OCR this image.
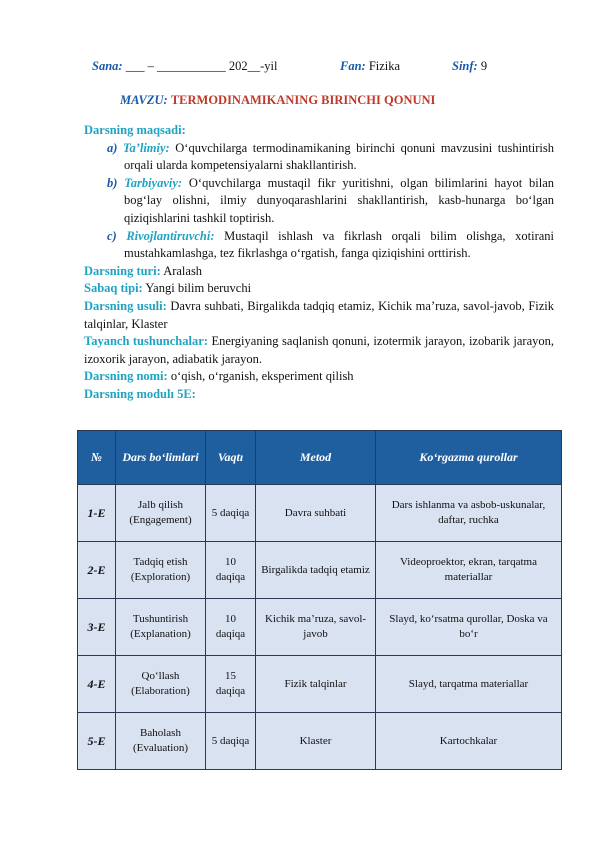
Sana: ___ – ___________ 202__-yil	Fan: Fizika	Sinf: 9
MAVZU: TERMODINAMIKANING BIRINCHI QONUNI

Darsning maqsadi:

a) Ta’limiy: O‘quvchilarga termodinamikaning birinchi qonuni mavzusini tushintirish orqali ularda kompetensiyalarni shakllantirish.

b) Tarbiyaviy: O‘quvchilarga mustaqil fikr yuritishni, olgan bilimlarini hayot bilan bog‘lay olishni, ilmiy dunyoqarashlarini shakllantirish, kasb-hunarga bo‘lgan qiziqishlarini tashkil toptirish.

c) Rivojlantiruvchi: Mustaqil ishlash va fikrlash orqali bilim olishga, xotirani mustahkamlashga, tez fikrlashga o‘rgatish, fanga qiziqishini orttirish.

Darsning turi: Aralash

Sabaq tipi: Yangi bilim beruvchi

Darsning usuli: Davra suhbati, Birgalikda tadqiq etamiz, Kichik ma’ruza, savol-javob, Fizik talqinlar, Klaster

Tayanch tushunchalar: Energiyaning saqlanish qonuni, izotermik jarayon, izobarik jarayon, izoxorik jarayon, adiabatik jarayon.

Darsning nomi: o‘qish, o‘rganish, eksperiment qilish

Darsning modulı 5E:

№	Dars bo‘limlari	Vaqtı	Metod	Ko‘rgazma qurollar
1-E	Jalb qilish (Engagement)	5 daqiqa	Davra suhbati	Dars ishlanma va asbob-uskunalar, daftar, ruchka
2-E	Tadqiq etish (Exploration)	10 daqiqa	Birgalikda tadqiq etamiz	Videoproektor, ekran, tarqatma materiallar
3-E	Tushuntirish (Explanation)	10 daqiqa	Kichik ma’ruza, savol-javob	Slayd, ko‘rsatma qurollar, Doska va bo‘r
4-E	Qo‘llash (Elaboration)	15 daqiqa	Fizik talqinlar	Slayd, tarqatma materiallar
5-E	Baholash (Evaluation)	5 daqiqa	Klaster	Kartochkalar
